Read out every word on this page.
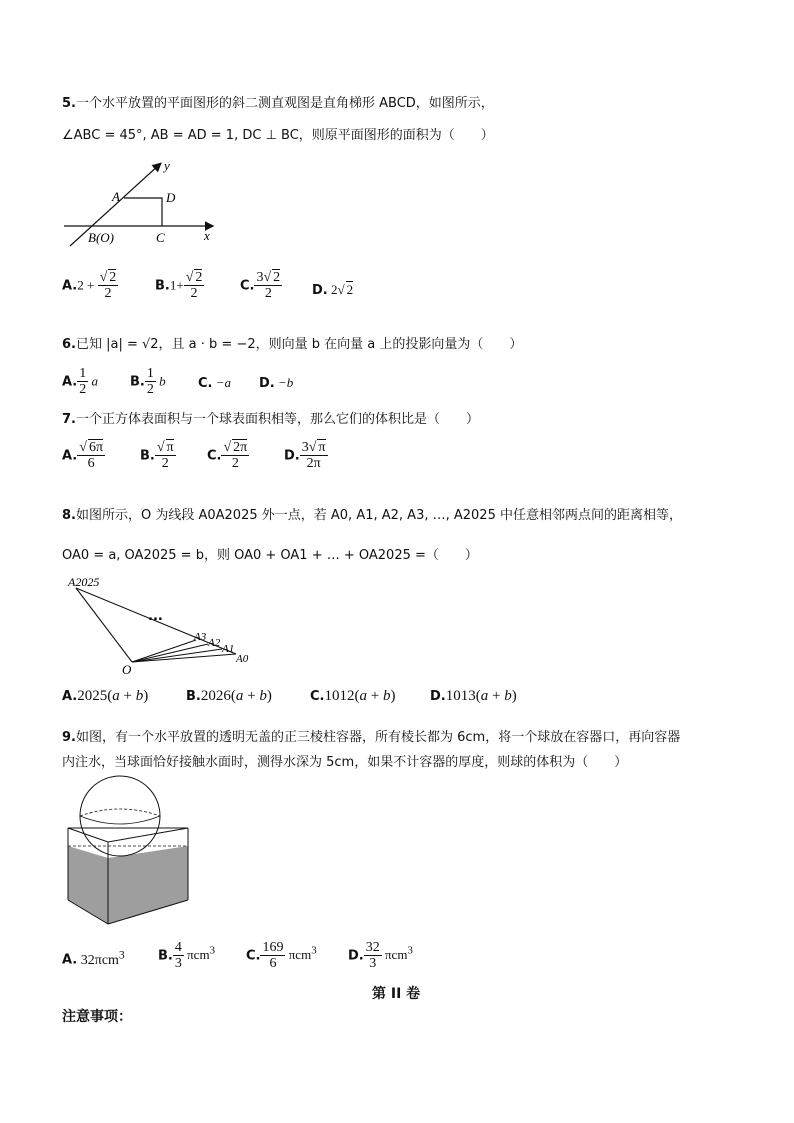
5.一个水平放置的平面图形的斜二测直观图是直角梯形 ABCD，如图所示，
∠ABC = 45°, AB = AD = 1, DC ⊥ BC，则原平面图形的面积为（　　）
y
x
A	D
B(O)	C
$A.2 + \frac{√ 2}{2}$	$B.1+ \frac{√ 2}{2}$	C. $\frac{3√ 2}{2} D$. 2√ 2
6.已知 |a| = √2，且 a · b = −2，则向量 b 在向量 a 上的投影向量为（　　）
A. $\frac{1}{2}$ a B. $\frac{1}{2}$ b C. −a D. −b
7.一个正方体表面积与一个球表面积相等，那么它们的体积比是（　　）
A. $\frac{√ 6\pi}{6}$	B. $\frac{√ \pi}{2} C$. $\frac{√ 2\pi}{2}$	D. $\frac{3√ \pi}{2\pi}$
8.如图所示，O 为线段 A0A2025 外一点，若 A0, A1, A2, A3, …, A2025 中任意相邻两点间的距离相等，
OA0 = a, OA2025 = b，则 OA0 + OA1 + … + OA2025 =（　　）
A2025
...
A3 A2 A1
A0
O
A.2025(a + b)	B.2026(a + b)	C.1012(a + b)	D.1013(a + b)
9.如图，有一个水平放置的透明无盖的正三棱柱容器，所有棱长都为 6cm，将一个球放在容器口，再向容器
内注水，当球面恰好接触水面时，测得水深为 5cm，如果不计容器的厚度，则球的体积为（　　）
A. 32πcm$^3$	B. $\frac{4}{3} \pi cm^3$ C. $\frac{169}{6} \pi cm^3$ D. $\frac{32}{3} \pi cm^3$
第 II 卷
注意事项：
